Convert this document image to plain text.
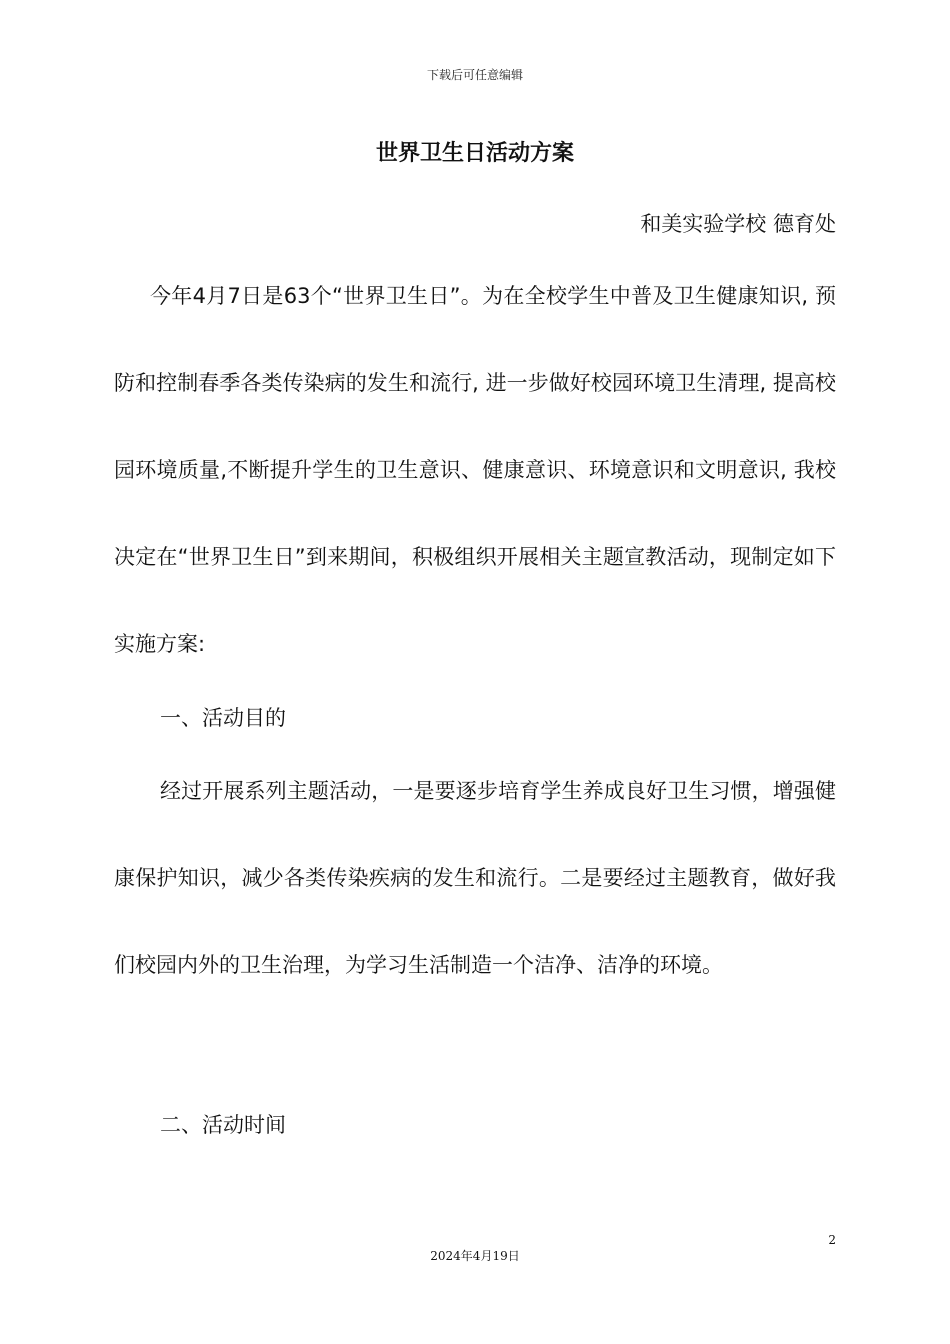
下载后可任意编辑
世界卫生日活动方案
和美实验学校 德育处

今年4月7日是63个“世界卫生日”。为在全校学生中普及卫生健康知识, 预防和控制春季各类传染病的发生和流行, 进一步做好校园环境卫生清理, 提高校园环境质量,不断提升学生的卫生意识、健康意识、环境意识和文明意识, 我校决定在“世界卫生日”到来期间，积极组织开展相关主题宣教活动，现制定如下实施方案:

一、活动目的

经过开展系列主题活动，一是要逐步培育学生养成良好卫生习惯，增强健康保护知识，减少各类传染疾病的发生和流行。二是要经过主题教育，做好我们校园内外的卫生治理，为学习生活制造一个洁净、洁净的环境。

二、活动时间

2
2024年4月19日
